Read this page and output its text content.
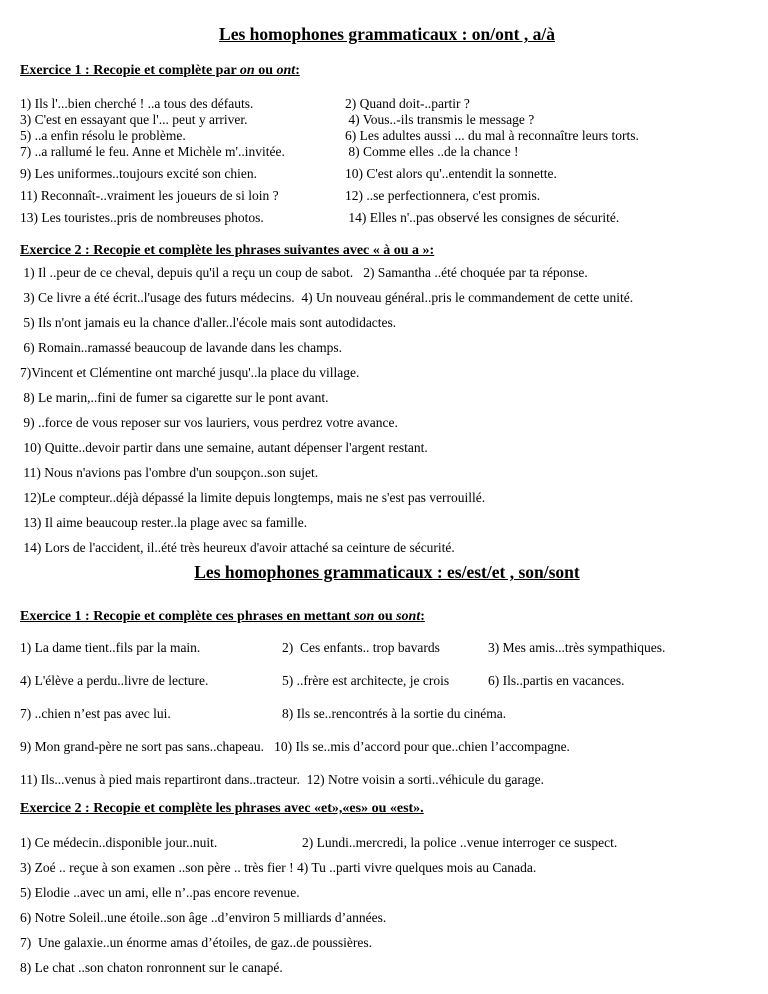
Les homophones grammaticaux : on/ont , a/à
Exercice 1 : Recopie et complète par on ou ont:
1) Ils l'...bien cherché ! ..a tous des défauts.	2) Quand doit-..partir ?
3) C'est en essayant que l'... peut y arriver.	4) Vous..-ils transmis le message ?
5) ..a enfin résolu le problème.	6) Les adultes aussi ... du mal à reconnaître leurs torts.
7) ..a rallumé le feu. Anne et Michèle m'..invitée.	8) Comme elles ..de la chance !
9) Les uniformes..toujours excité son chien.	10) C'est alors qu'..entendit la sonnette.
11) Reconnaît-..vraiment les joueurs de si loin ?	12) ..se perfectionnera, c'est promis.
13) Les touristes..pris de nombreuses photos.	14) Elles n'..pas observé les consignes de sécurité.
Exercice 2 : Recopie et complète les phrases suivantes avec « à ou a »:
1) Il ..peur de ce cheval, depuis qu'il a reçu un coup de sabot.   2) Samantha ..été choquée par ta réponse.
3) Ce livre a été écrit..l'usage des futurs médecins.  4) Un nouveau général..pris le commandement de cette unité.
5) Ils n'ont jamais eu la chance d'aller..l'école mais sont autodidactes.
6) Romain..ramassé beaucoup de lavande dans les champs.
7)Vincent et Clémentine ont marché jusqu'..la place du village.
8) Le marin,..fini de fumer sa cigarette sur le pont avant.
9) ..force de vous reposer sur vos lauriers, vous perdrez votre avance.
10) Quitte..devoir partir dans une semaine, autant dépenser l'argent restant.
11) Nous n'avions pas l'ombre d'un soupçon..son sujet.
12)Le compteur..déjà dépassé la limite depuis longtemps, mais ne s'est pas verrouillé.
13) Il aime beaucoup rester..la plage avec sa famille.
14) Lors de l'accident, il..été très heureux d'avoir attaché sa ceinture de sécurité.
Les homophones grammaticaux : es/est/et , son/sont
Exercice 1 : Recopie et complète ces phrases en mettant son ou sont:
1) La dame tient..fils par la main.	2)  Ces enfants.. trop bavards	3) Mes amis...très sympathiques.
4) L'élève a perdu..livre de lecture.	5) ..frère est architecte, je crois	6) Ils..partis en vacances.
7) ..chien n’est pas avec lui.	8) Ils se..rencontrés à la sortie du cinéma.
9) Mon grand-père ne sort pas sans..chapeau.   10) Ils se..mis d’accord pour que..chien l’accompagne.
11) Ils...venus à pied mais repartiront dans..tracteur.  12) Notre voisin a sorti..véhicule du garage.
Exercice 2 : Recopie et complète les phrases avec «et»,«es» ou «est».
1) Ce médecin..disponible jour..nuit.	2) Lundi..mercredi, la police ..venue interroger ce suspect.
3) Zoé .. reçue à son examen ..son père .. très fier ! 4) Tu ..parti vivre quelques mois au Canada.
5) Elodie ..avec un ami, elle n’..pas encore revenue.
6) Notre Soleil..une étoile..son âge ..d’environ 5 milliards d’années.
7)  Une galaxie..un énorme amas d’étoiles, de gaz..de poussières.
8) Le chat ..son chaton ronronnent sur le canapé.
